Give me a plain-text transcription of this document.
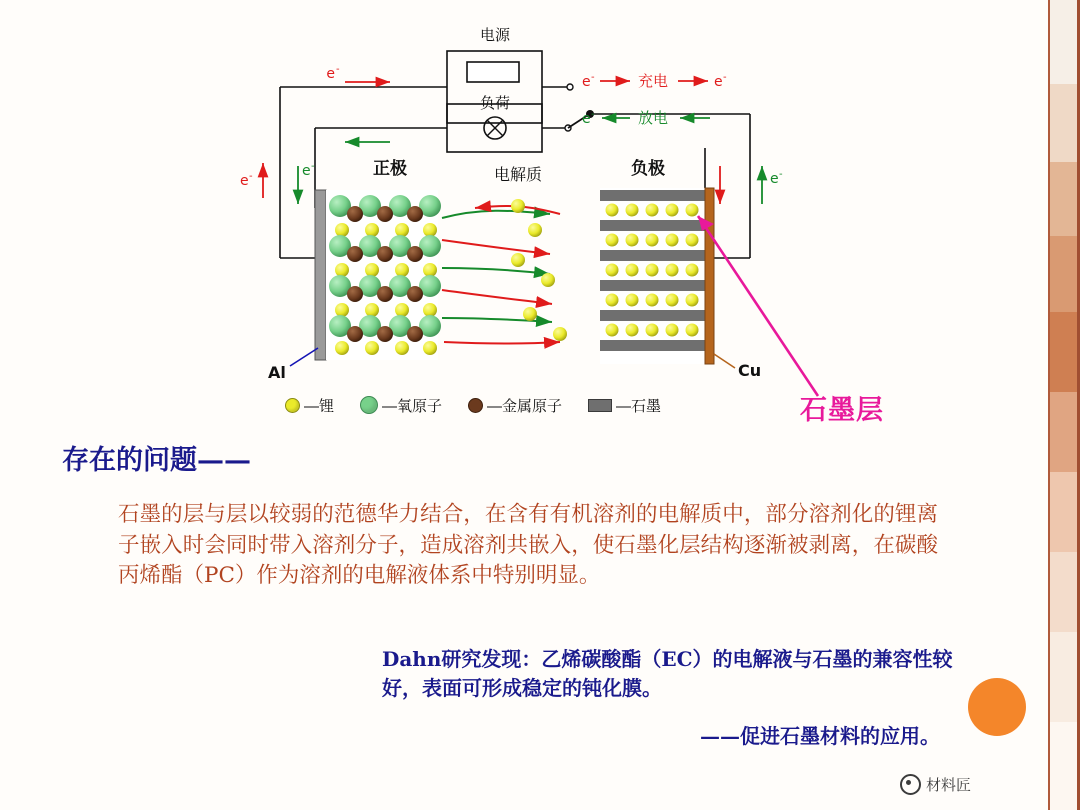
电源
负荷
e -
e -	充电	e -
e -	放电
e -	e -
e -
正极	电解质	负极
Al	Cu
—锂	—氧原子	—金属原子	—石墨	石墨层
存在的问题——
石墨的层与层以较弱的范德华力结合，在含有有机溶剂的电解质中，部分溶剂化的锂离子嵌入时会同时带入溶剂分子，造成溶剂共嵌入，使石墨化层结构逐渐被剥离，在碳酸丙烯酯（PC）作为溶剂的电解液体系中特别明显。
Dahn研究发现：乙烯碳酸酯（EC）的电解液与石墨的兼容性较好，表面可形成稳定的钝化膜。
——促进石墨材料的应用。
材料匠
